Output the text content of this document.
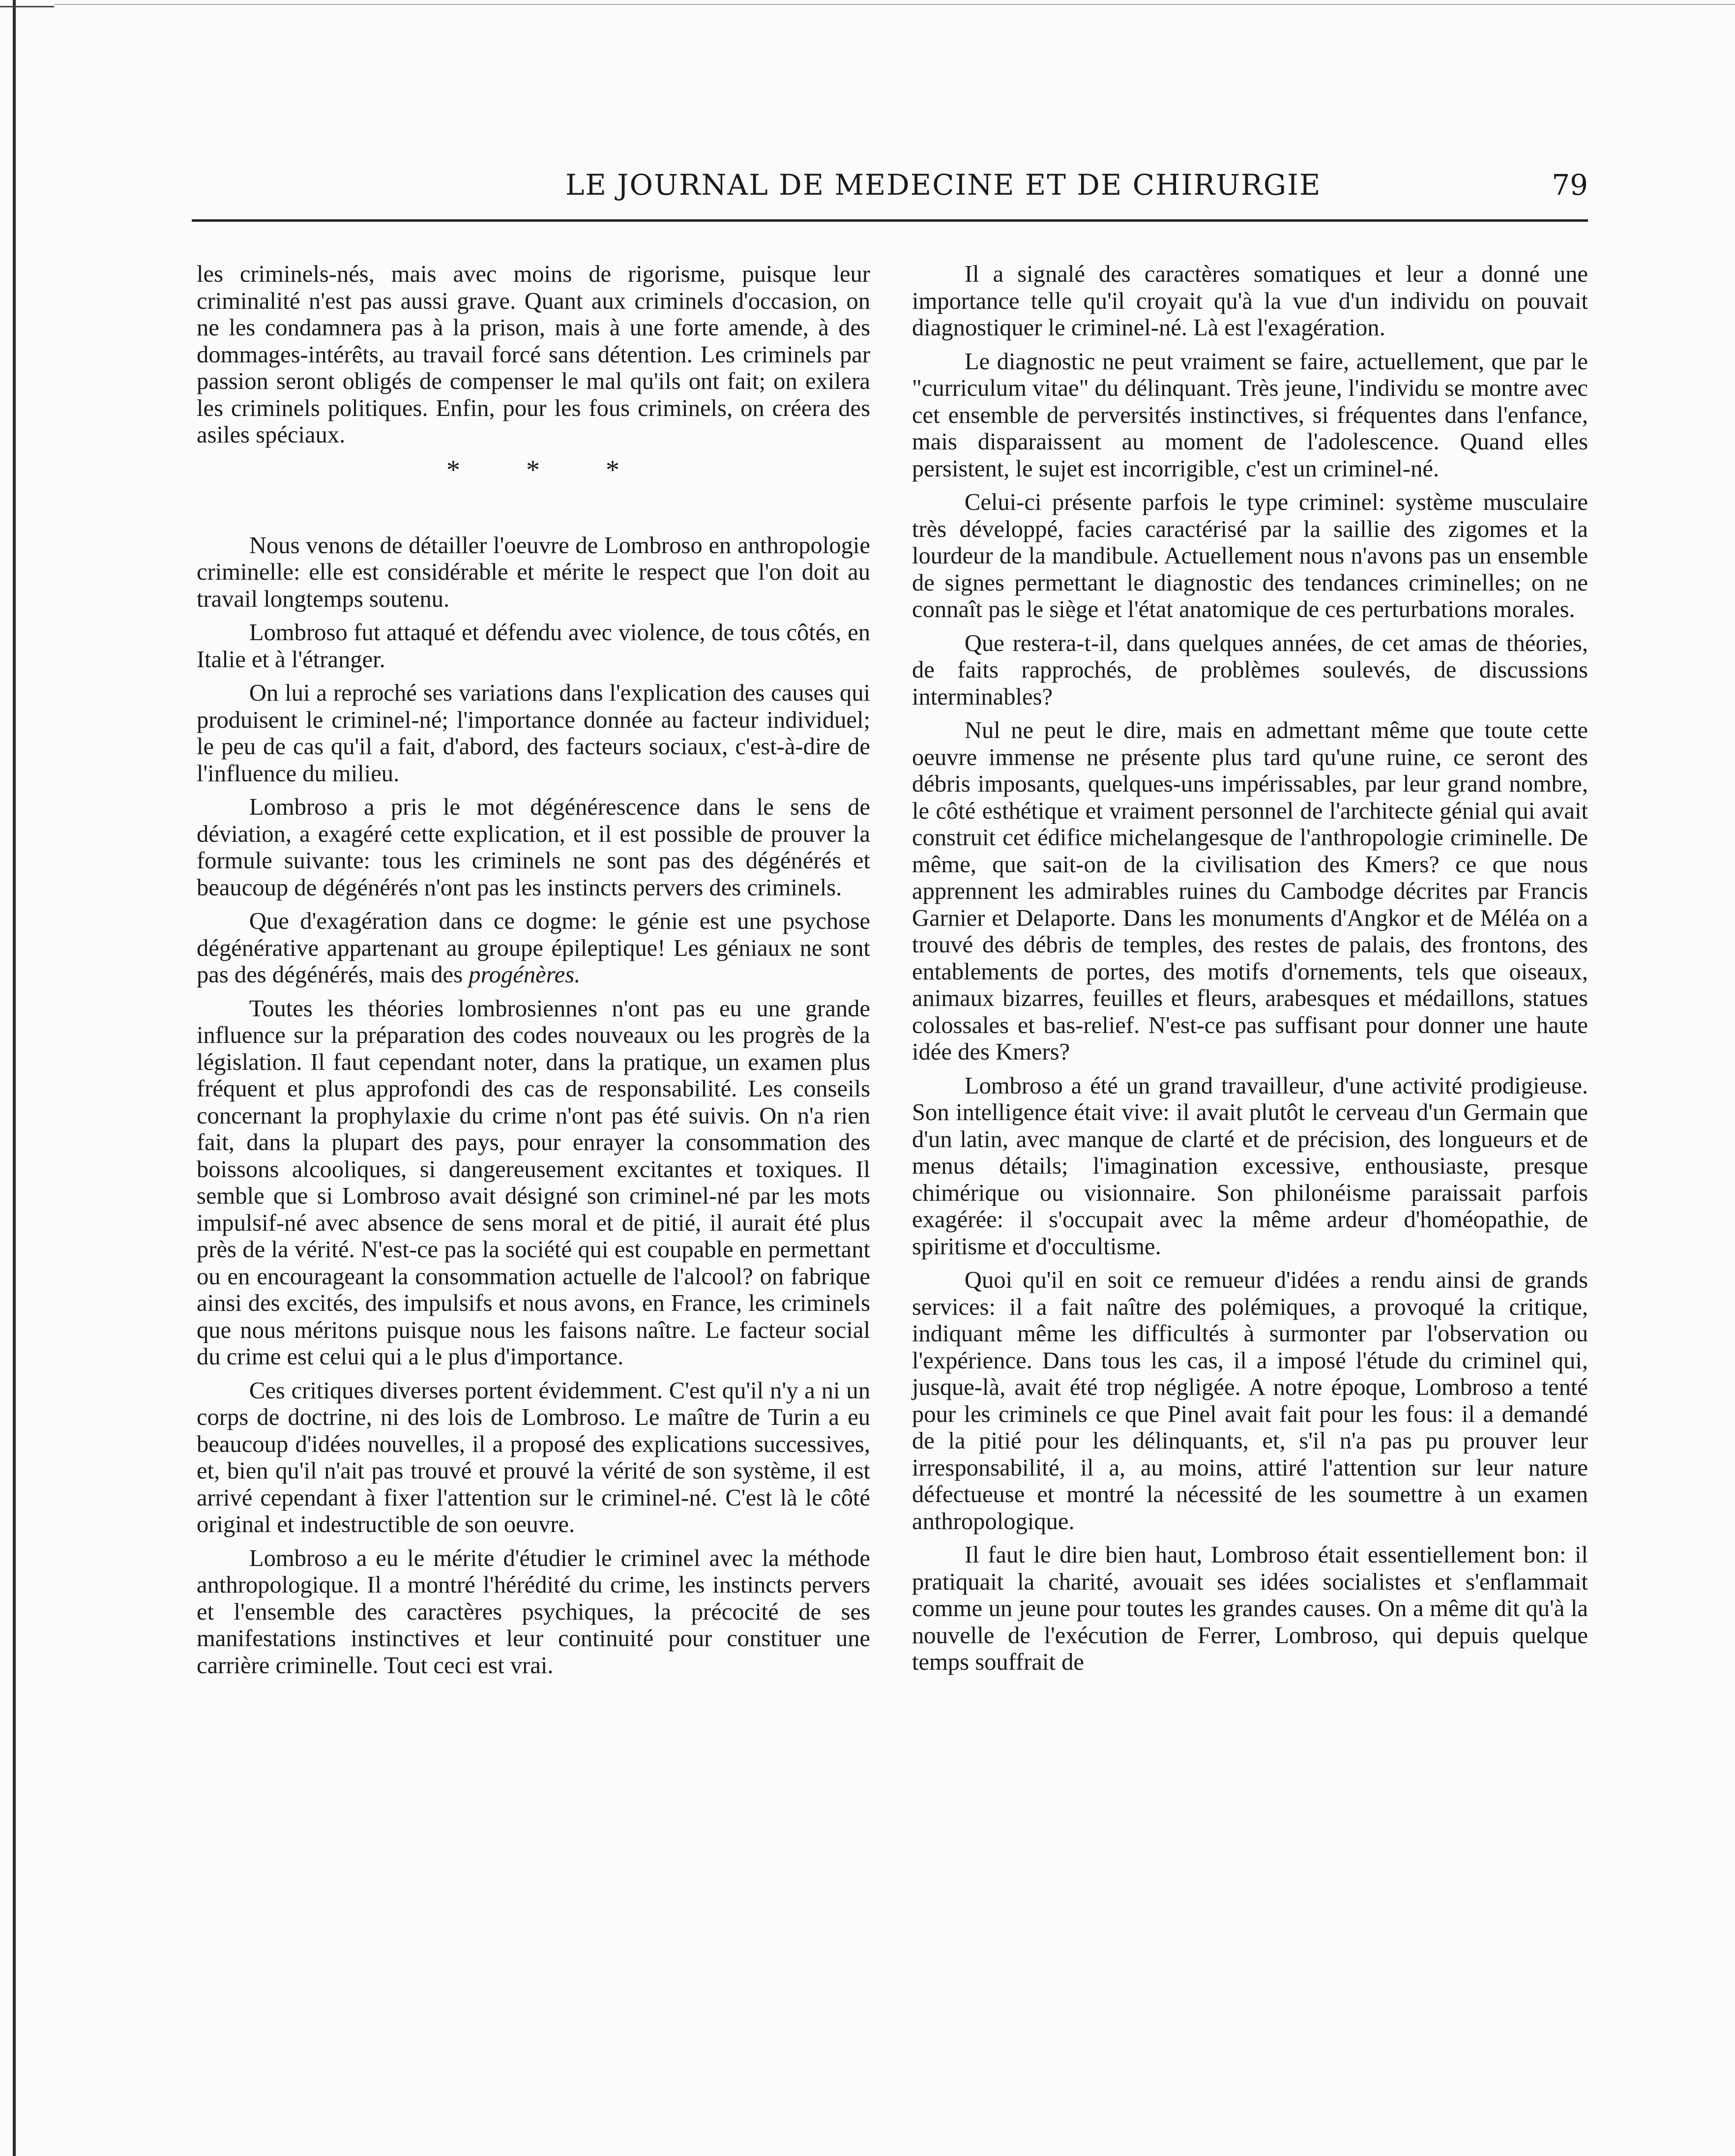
LE JOURNAL DE MEDECINE ET DE CHIRURGIE	79

les criminels-nés, mais avec moins de rigorisme, puisque leur criminalité n'est pas aussi grave. Quant aux criminels d'occasion, on ne les condamnera pas à la prison, mais à une forte amende, à des dommages-intérêts, au travail forcé sans détention. Les criminels par passion seront obligés de compenser le mal qu'ils ont fait; on exilera les criminels politiques. Enfin, pour les fous criminels, on créera des asiles spéciaux.

* * *

Nous venons de détailler l'oeuvre de Lombroso en anthropologie criminelle: elle est considérable et mérite le respect que l'on doit au travail longtemps soutenu.

Lombroso fut attaqué et défendu avec violence, de tous côtés, en Italie et à l'étranger.

On lui a reproché ses variations dans l'explication des causes qui produisent le criminel-né; l'importance donnée au facteur individuel; le peu de cas qu'il a fait, d'abord, des facteurs sociaux, c'est-à-dire de l'influence du milieu.

Lombroso a pris le mot dégénérescence dans le sens de déviation, a exagéré cette explication, et il est possible de prouver la formule suivante: tous les criminels ne sont pas des dégénérés et beaucoup de dégénérés n'ont pas les instincts pervers des criminels.

Que d'exagération dans ce dogme: le génie est une psychose dégénérative appartenant au groupe épileptique! Les géniaux ne sont pas des dégénérés, mais des progénères.

Toutes les théories lombrosiennes n'ont pas eu une grande influence sur la préparation des codes nouveaux ou les progrès de la législation. Il faut cependant noter, dans la pratique, un examen plus fréquent et plus approfondi des cas de responsabilité. Les conseils concernant la prophylaxie du crime n'ont pas été suivis. On n'a rien fait, dans la plupart des pays, pour enrayer la consommation des boissons alcooliques, si dangereusement excitantes et toxiques. Il semble que si Lombroso avait désigné son criminel-né par les mots impulsif-né avec absence de sens moral et de pitié, il aurait été plus près de la vérité. N'est-ce pas la société qui est coupable en permettant ou en encourageant la consommation actuelle de l'alcool? on fabrique ainsi des excités, des impulsifs et nous avons, en France, les criminels que nous méritons puisque nous les faisons naître. Le facteur social du crime est celui qui a le plus d'importance.

Ces critiques diverses portent évidemment. C'est qu'il n'y a ni un corps de doctrine, ni des lois de Lombroso. Le maître de Turin a eu beaucoup d'idées nouvelles, il a proposé des explications successives, et, bien qu'il n'ait pas trouvé et prouvé la vérité de son système, il est arrivé cependant à fixer l'attention sur le criminel-né. C'est là le côté original et indestructible de son oeuvre.

Lombroso a eu le mérite d'étudier le criminel avec la méthode anthropologique. Il a montré l'hérédité du crime, les instincts pervers et l'ensemble des caractères psychiques, la précocité de ses manifestations instinctives et leur continuité pour constituer une carrière criminelle. Tout ceci est vrai.

Il a signalé des caractères somatiques et leur a donné une importance telle qu'il croyait qu'à la vue d'un individu on pouvait diagnostiquer le criminel-né. Là est l'exagération.

Le diagnostic ne peut vraiment se faire, actuellement, que par le "curriculum vitae" du délinquant. Très jeune, l'individu se montre avec cet ensemble de perversités instinctives, si fréquentes dans l'enfance, mais disparaissent au moment de l'adolescence. Quand elles persistent, le sujet est incorrigible, c'est un criminel-né.

Celui-ci présente parfois le type criminel: système musculaire très développé, facies caractérisé par la saillie des zigomes et la lourdeur de la mandibule. Actuellement nous n'avons pas un ensemble de signes permettant le diagnostic des tendances criminelles; on ne connaît pas le siège et l'état anatomique de ces perturbations morales.

Que restera-t-il, dans quelques années, de cet amas de théories, de faits rapprochés, de problèmes soulevés, de discussions interminables?

Nul ne peut le dire, mais en admettant même que toute cette oeuvre immense ne présente plus tard qu'une ruine, ce seront des débris imposants, quelques-uns impérissables, par leur grand nombre, le côté esthétique et vraiment personnel de l'architecte génial qui avait construit cet édifice michelangesque de l'anthropologie criminelle. De même, que sait-on de la civilisation des Kmers? ce que nous apprennent les admirables ruines du Cambodge décrites par Francis Garnier et Delaporte. Dans les monuments d'Angkor et de Méléa on a trouvé des débris de temples, des restes de palais, des frontons, des entablements de portes, des motifs d'ornements, tels que oiseaux, animaux bizarres, feuilles et fleurs, arabesques et médaillons, statues colossales et bas-relief. N'est-ce pas suffisant pour donner une haute idée des Kmers?

Lombroso a été un grand travailleur, d'une activité prodigieuse. Son intelligence était vive: il avait plutôt le cerveau d'un Germain que d'un latin, avec manque de clarté et de précision, des longueurs et de menus détails; l'imagination excessive, enthousiaste, presque chimérique ou visionnaire. Son philonéisme paraissait parfois exagérée: il s'occupait avec la même ardeur d'homéopathie, de spiritisme et d'occultisme.

Quoi qu'il en soit ce remueur d'idées a rendu ainsi de grands services: il a fait naître des polémiques, a provoqué la critique, indiquant même les difficultés à surmonter par l'observation ou l'expérience. Dans tous les cas, il a imposé l'étude du criminel qui, jusque-là, avait été trop négligée. A notre époque, Lombroso a tenté pour les criminels ce que Pinel avait fait pour les fous: il a demandé de la pitié pour les délinquants, et, s'il n'a pas pu prouver leur irresponsabilité, il a, au moins, attiré l'attention sur leur nature défectueuse et montré la nécessité de les soumettre à un examen anthropologique.

Il faut le dire bien haut, Lombroso était essentiellement bon: il pratiquait la charité, avouait ses idées socialistes et s'enflammait comme un jeune pour toutes les grandes causes. On a même dit qu'à la nouvelle de l'exécution de Ferrer, Lombroso, qui depuis quelque temps souffrait de
